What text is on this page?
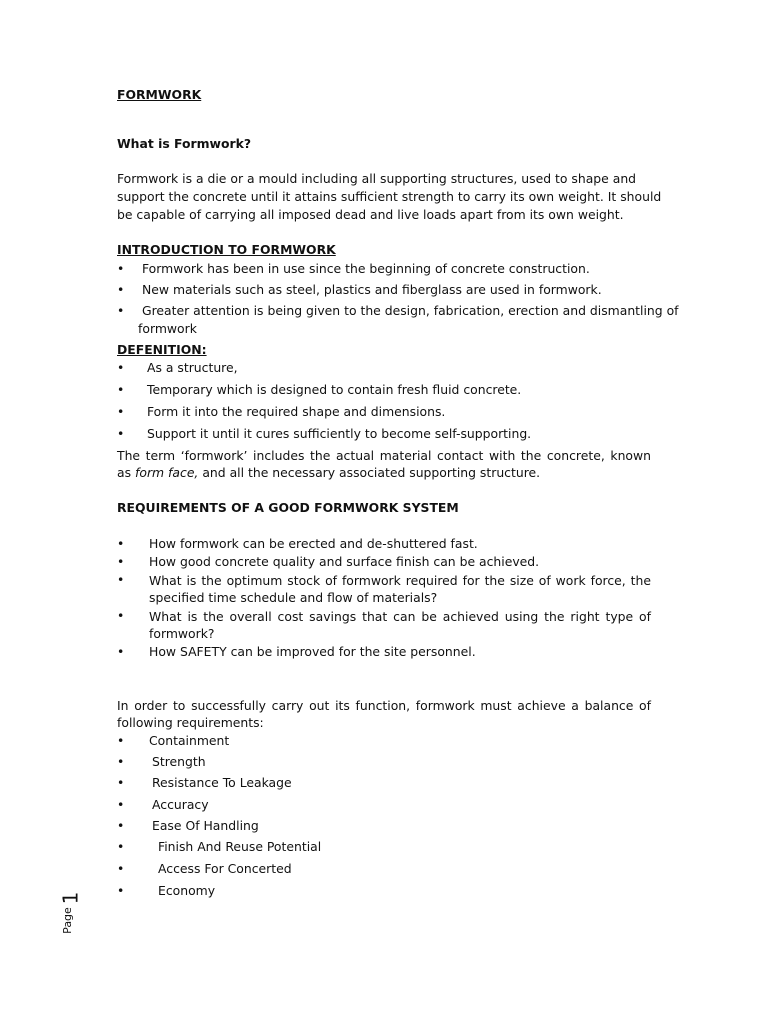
FORMWORK
What is Formwork?
Formwork is a die or a mould including all supporting structures, used to shape and
support the concrete until it attains sufficient strength to carry its own weight. It should
be capable of carrying all imposed dead and live loads apart from its own weight.
INTRODUCTION TO FORMWORK
• Formwork has been in use since the beginning of concrete construction.
• New materials such as steel, plastics and fiberglass are used in formwork.
• Greater attention is being given to the design, fabrication, erection and dismantling of
formwork
DEFENITION:
• As a structure,
• Temporary which is designed to contain fresh fluid concrete.
• Form it into the required shape and dimensions.
• Support it until it cures sufficiently to become self-supporting.
The term ‘formwork’ includes the actual material contact with the concrete, known
as form face, and all the necessary associated supporting structure.
REQUIREMENTS OF A GOOD FORMWORK SYSTEM
• How formwork can be erected and de-shuttered fast.
• How good concrete quality and surface finish can be achieved.
• What is the optimum stock of formwork required for the size of work force, the
specified time schedule and flow of materials?
• What is the overall cost savings that can be achieved using the right type of
formwork?
• How SAFETY can be improved for the site personnel.
In order to successfully carry out its function, formwork must achieve a balance of
following requirements:
• Containment
• Strength
• Resistance To Leakage
• Accuracy
• Ease Of Handling
•	Finish And Reuse Potential
•	Access For Concerted
•	Economy
Page
1
